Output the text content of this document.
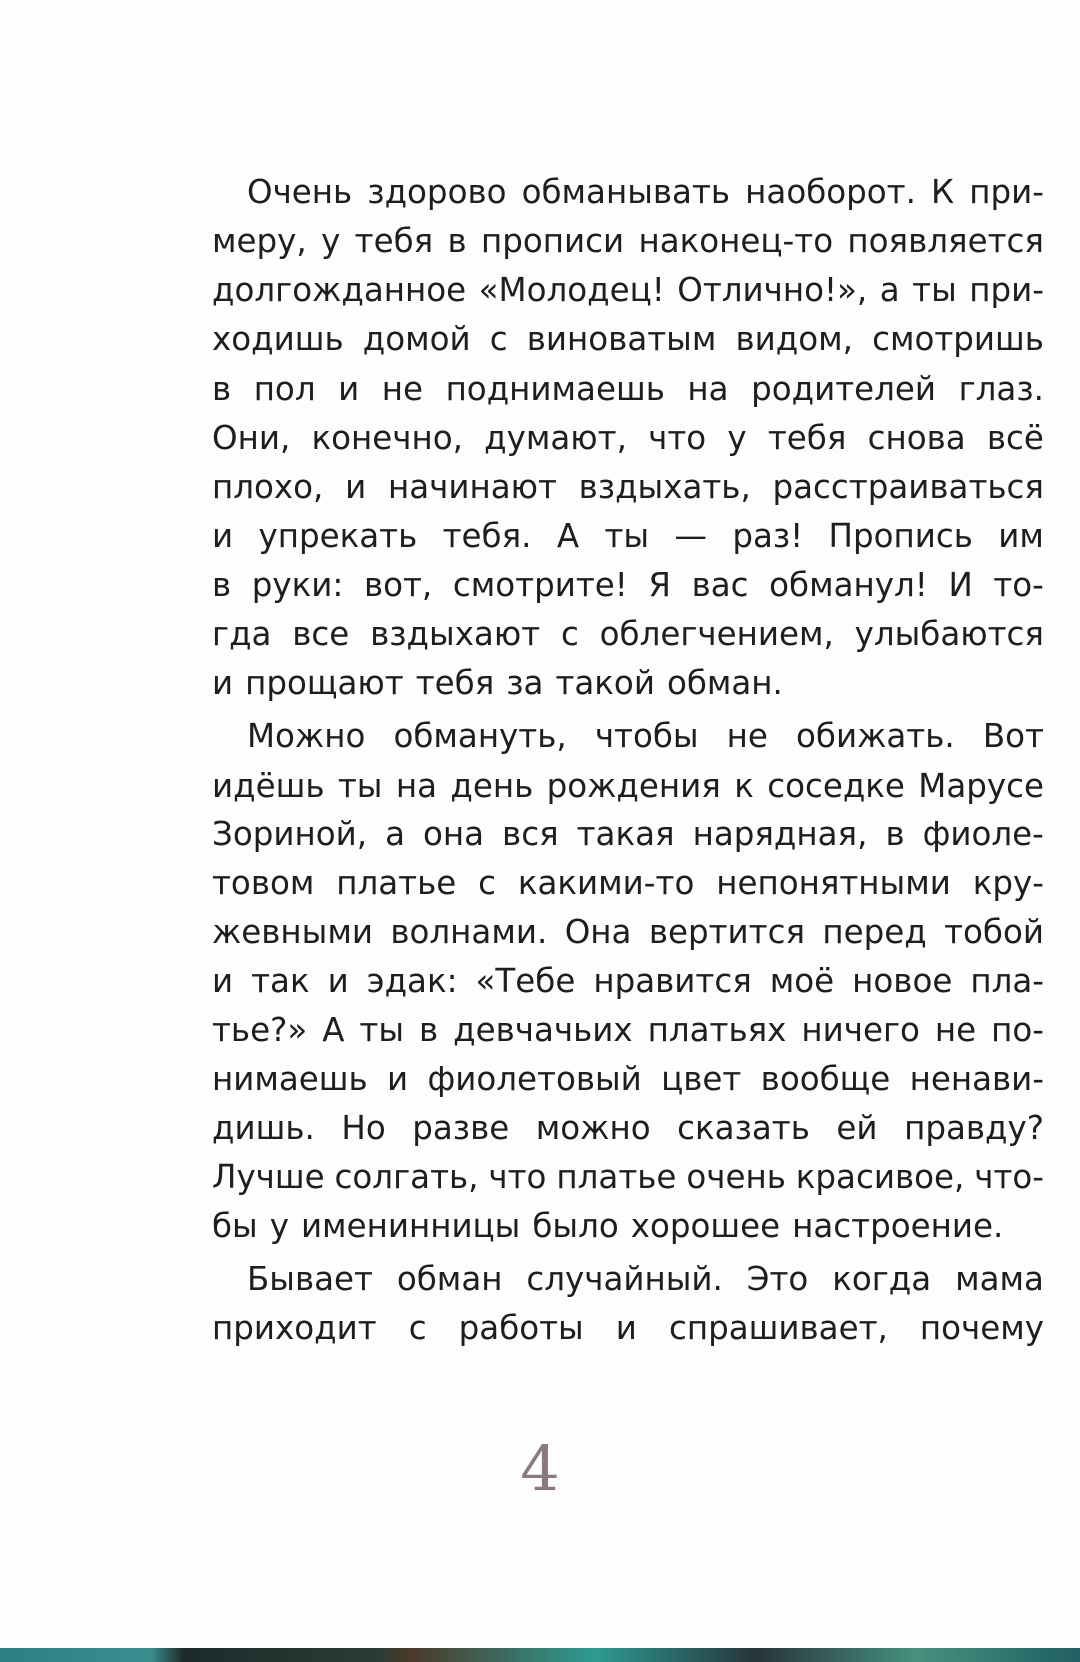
Очень здорово обманывать наоборот. К при-
меру, у тебя в прописи наконец-то появляется
долгожданное «Молодец! Отлично!», а ты при-
ходишь домой с виноватым видом, смотришь
в пол и не поднимаешь на родителей глаз.
Они, конечно, думают, что у тебя снова всё
плохо, и начинают вздыхать, расстраиваться
и упрекать тебя. А ты — раз! Пропись им
в руки: вот, смотрите! Я вас обманул! И то-
гда все вздыхают с облегчением, улыбаются
и прощают тебя за такой обман.
Можно обмануть, чтобы не обижать. Вот
идёшь ты на день рождения к соседке Марусе
Зориной, а она вся такая нарядная, в фиоле-
товом платье с какими-то непонятными кру-
жевными волнами. Она вертится перед тобой
и так и эдак: «Тебе нравится моё новое пла-
тье?» А ты в девчачьих платьях ничего не по-
нимаешь и фиолетовый цвет вообще ненави-
дишь. Но разве можно сказать ей правду?
Лучше солгать, что платье очень красивое, что-
бы у именинницы было хорошее настроение.
Бывает обман случайный. Это когда мама
приходит с работы и спрашивает, почему
4
